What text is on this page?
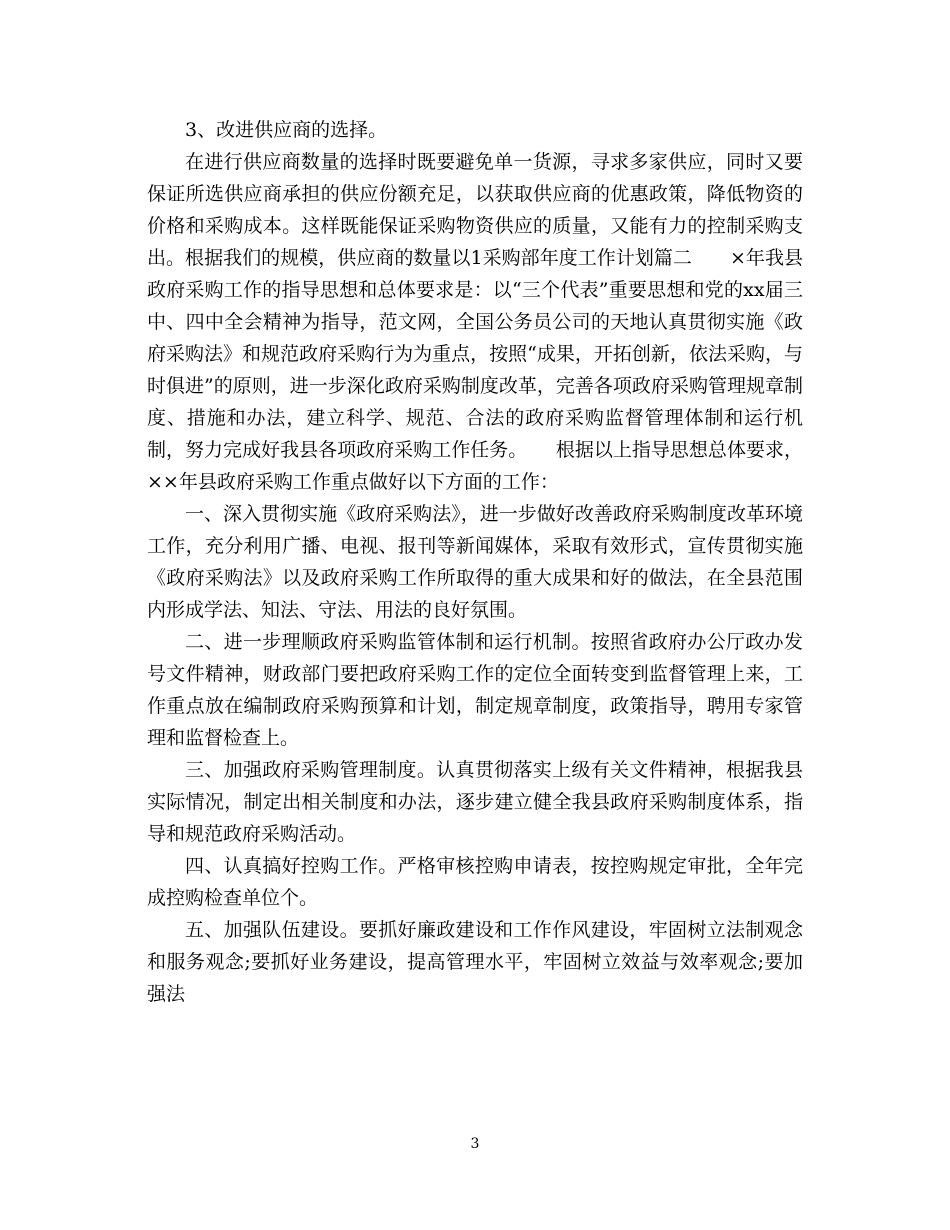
3、改进供应商的选择。

在进行供应商数量的选择时既要避免单一货源，寻求多家供应，同时又要保证所选供应商承担的供应份额充足，以获取供应商的优惠政策，降低物资的价格和采购成本。这样既能保证采购物资供应的质量，又能有力的控制采购支出。根据我们的规模，供应商的数量以1采购部年度工作计划篇二　　×年我县政府采购工作的指导思想和总体要求是：以“三个代表”重要思想和党的xx届三中、四中全会精神为指导，范文网，全国公务员公司的天地认真贯彻实施《政府采购法》和规范政府采购行为为重点，按照“成果，开拓创新，依法采购，与时俱进”的原则，进一步深化政府采购制度改革，完善各项政府采购管理规章制度、措施和办法，建立科学、规范、合法的政府采购监督管理体制和运行机制，努力完成好我县各项政府采购工作任务。　　根据以上指导思想总体要求，××年县政府采购工作重点做好以下方面的工作：

一、深入贯彻实施《政府采购法》，进一步做好改善政府采购制度改革环境工作，充分利用广播、电视、报刊等新闻媒体，采取有效形式，宣传贯彻实施《政府采购法》以及政府采购工作所取得的重大成果和好的做法，在全县范围内形成学法、知法、守法、用法的良好氛围。

二、进一步理顺政府采购监管体制和运行机制。按照省政府办公厅政办发号文件精神，财政部门要把政府采购工作的定位全面转变到监督管理上来，工作重点放在编制政府采购预算和计划，制定规章制度，政策指导，聘用专家管理和监督检查上。

三、加强政府采购管理制度。认真贯彻落实上级有关文件精神，根据我县实际情况，制定出相关制度和办法，逐步建立健全我县政府采购制度体系，指导和规范政府采购活动。

四、认真搞好控购工作。严格审核控购申请表，按控购规定审批，全年完成控购检查单位个。

五、加强队伍建设。要抓好廉政建设和工作作风建设，牢固树立法制观念和服务观念;要抓好业务建设，提高管理水平，牢固树立效益与效率观念;要加强法

3
